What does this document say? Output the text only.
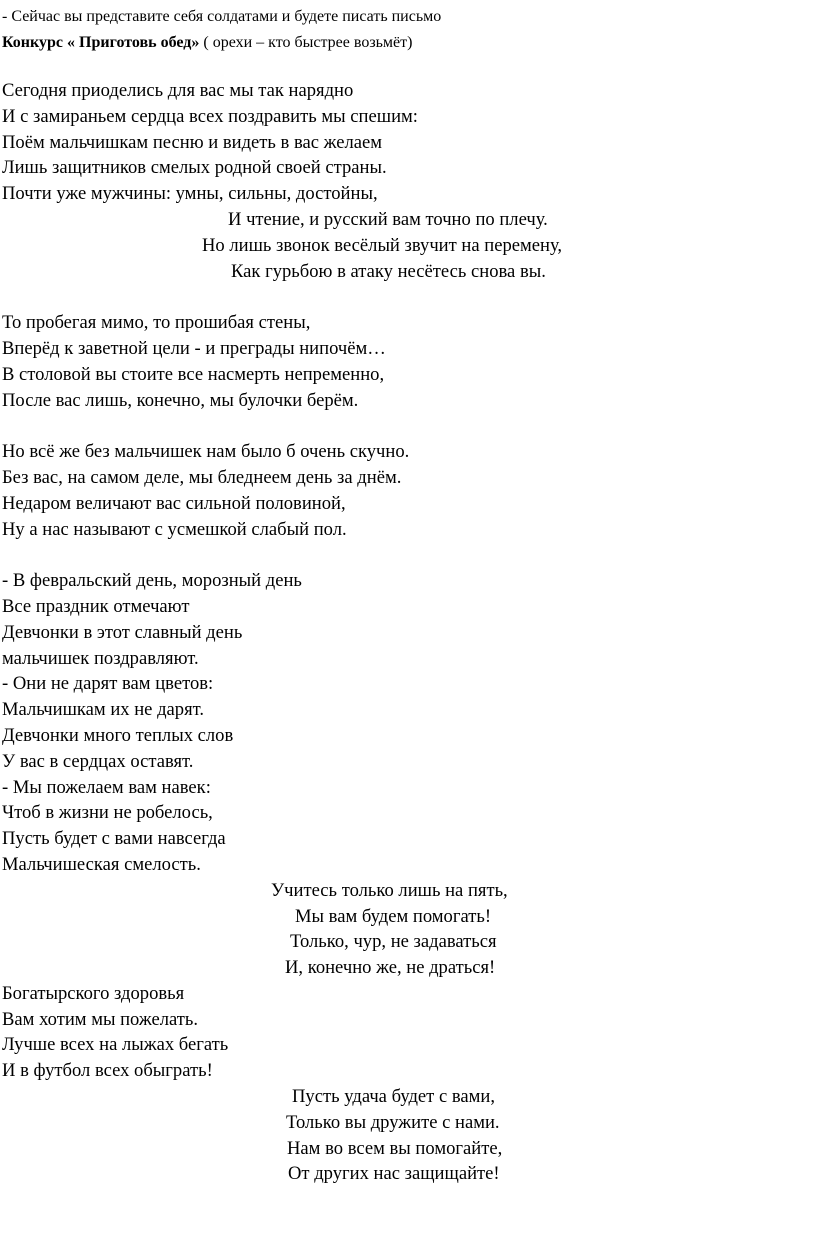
- Сейчас вы представите себя солдатами и будете писать письмо
Конкурс « Приготовь обед» ( орехи – кто быстрее возьмёт)
Сегодня приоделись для вас мы так нарядно
И с замираньем сердца всех поздравить мы спешим:
Поём мальчишкам песню и видеть в вас желаем
Лишь защитников смелых родной своей страны.
Почти уже мужчины: умны, сильны, достойны,
И чтение, и русский вам точно по плечу.
Но лишь звонок весёлый звучит на перемену,
Как гурьбою в атаку несётесь снова вы.
То пробегая мимо, то прошибая стены,
Вперёд к заветной цели - и преграды нипочём…
В столовой вы стоите все насмерть непременно,
После вас лишь, конечно, мы булочки берём.
Но всё же без мальчишек нам было б очень скучно.
Без вас, на самом деле, мы бледнеем день за днём.
Недаром величают вас сильной половиной,
Ну а нас называют с усмешкой слабый пол.
- В февральский день, морозный день
Все праздник отмечают
Девчонки в этот славный день
мальчишек поздравляют.
- Они не дарят вам цветов:
Мальчишкам их не дарят.
Девчонки много теплых слов
У вас в сердцах оставят.
- Мы пожелаем вам навек:
Чтоб в жизни не робелось,
Пусть будет с вами навсегда
Мальчишеская смелость.
Учитесь только лишь на пять,
Мы вам будем помогать!
Только, чур, не задаваться
И, конечно же, не драться!
Богатырского здоровья
Вам хотим мы пожелать.
Лучше всех на лыжах бегать
И в футбол всех обыграть!
Пусть удача будет с вами,
Только вы дружите с нами.
Нам во всем вы помогайте,
От других нас защищайте!
